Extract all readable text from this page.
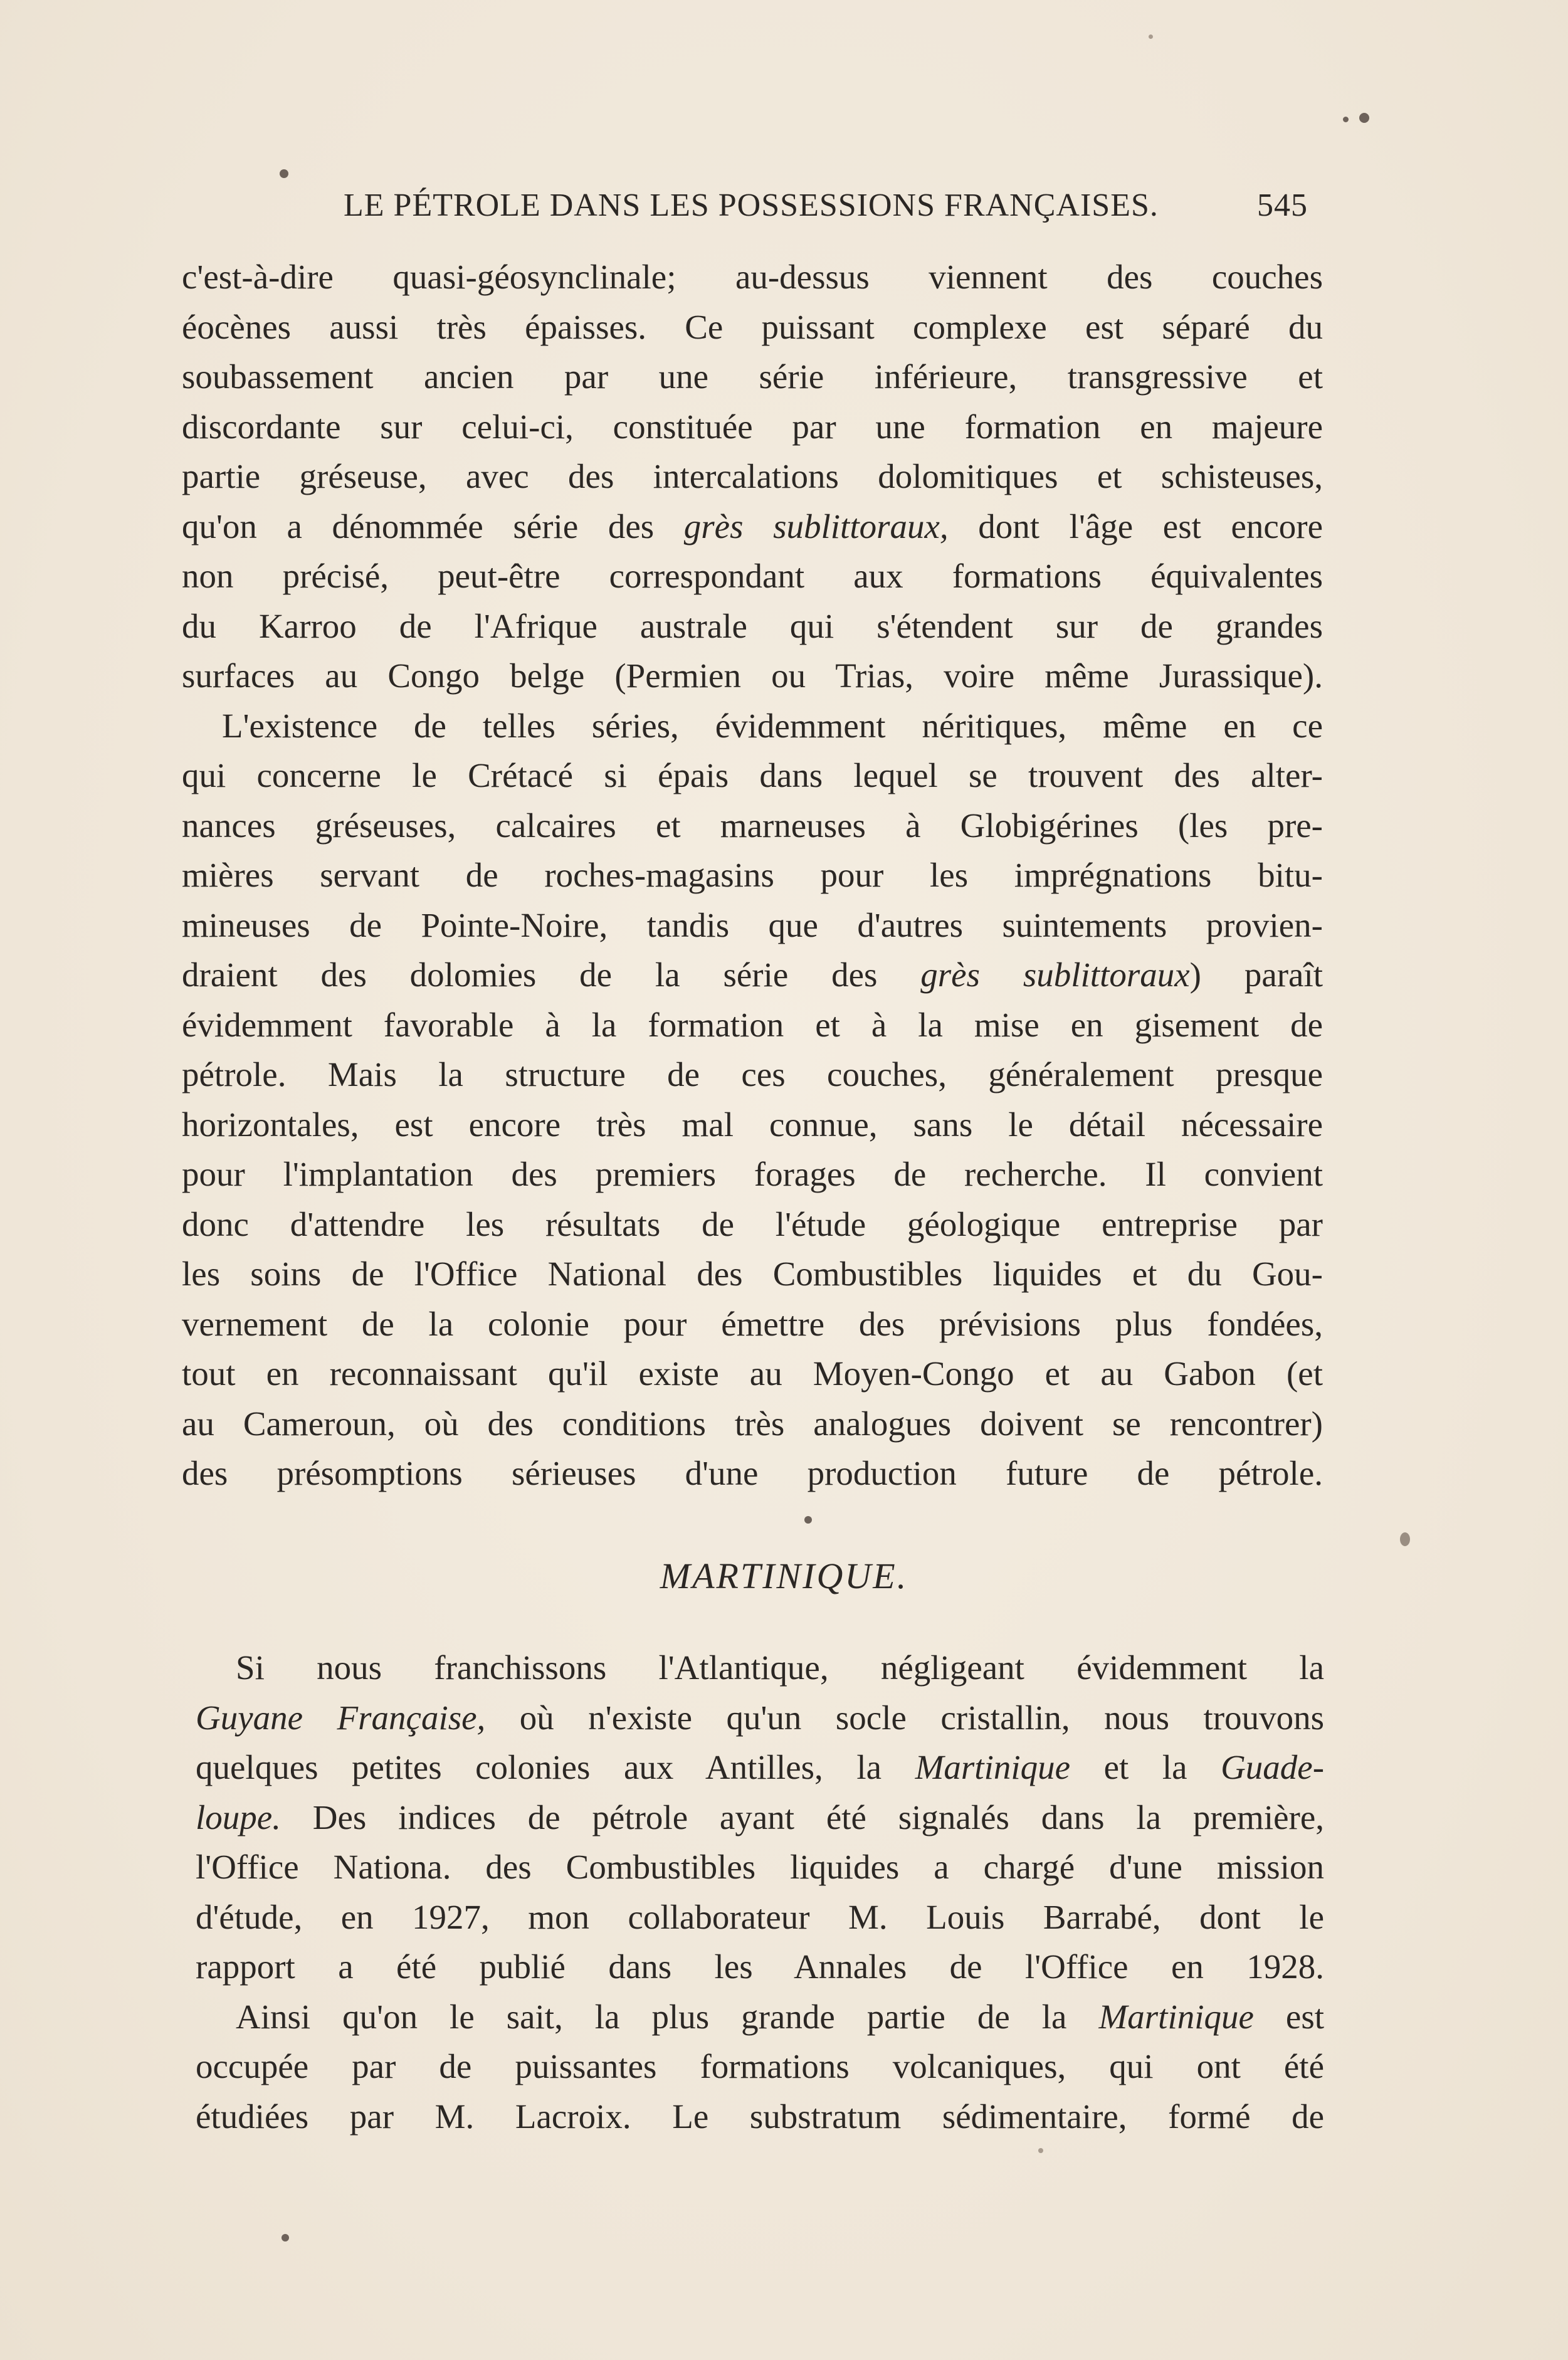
LE PÉTROLE DANS LES POSSESSIONS FRANÇAISES.	545

c'est-à-dire quasi-géosynclinale; au-dessus viennent des couches
éocènes aussi très épaisses. Ce puissant complexe est séparé du
soubassement ancien par une série inférieure, transgressive et
discordante sur celui-ci, constituée par une formation en majeure
partie gréseuse, avec des intercalations dolomitiques et schisteuses,
qu'on a dénommée série des grès sublittoraux, dont l'âge est encore
non précisé, peut-être correspondant aux formations équivalentes
du Karroo de l'Afrique australe qui s'étendent sur de grandes
surfaces au Congo belge (Permien ou Trias, voire même Jurassique).

L'existence de telles séries, évidemment néritiques, même en ce
qui concerne le Crétacé si épais dans lequel se trouvent des alter-
nances gréseuses, calcaires et marneuses à Globigérines (les pre-
mières servant de roches-magasins pour les imprégnations bitu-
mineuses de Pointe-Noire, tandis que d'autres suintements provien-
draient des dolomies de la série des grès sublittoraux) paraît
évidemment favorable à la formation et à la mise en gisement de
pétrole. Mais la structure de ces couches, généralement presque
horizontales, est encore très mal connue, sans le détail nécessaire
pour l'implantation des premiers forages de recherche. Il convient
donc d'attendre les résultats de l'étude géologique entreprise par
les soins de l'Office National des Combustibles liquides et du Gou-
vernement de la colonie pour émettre des prévisions plus fondées,
tout en reconnaissant qu'il existe au Moyen-Congo et au Gabon (et
au Cameroun, où des conditions très analogues doivent se rencontrer)
des présomptions sérieuses d'une production future de pétrole.

MARTINIQUE.

Si nous franchissons l'Atlantique, négligeant évidemment la
Guyane Française, où n'existe qu'un socle cristallin, nous trouvons
quelques petites colonies aux Antilles, la Martinique et la Guade-
loupe. Des indices de pétrole ayant été signalés dans la première,
l'Office Nationa. des Combustibles liquides a chargé d'une mission
d'étude, en 1927, mon collaborateur M. Louis Barrabé, dont le
rapport a été publié dans les Annales de l'Office en 1928.

Ainsi qu'on le sait, la plus grande partie de la Martinique est
occupée par de puissantes formations volcaniques, qui ont été
étudiées par M. Lacroix. Le substratum sédimentaire, formé de
